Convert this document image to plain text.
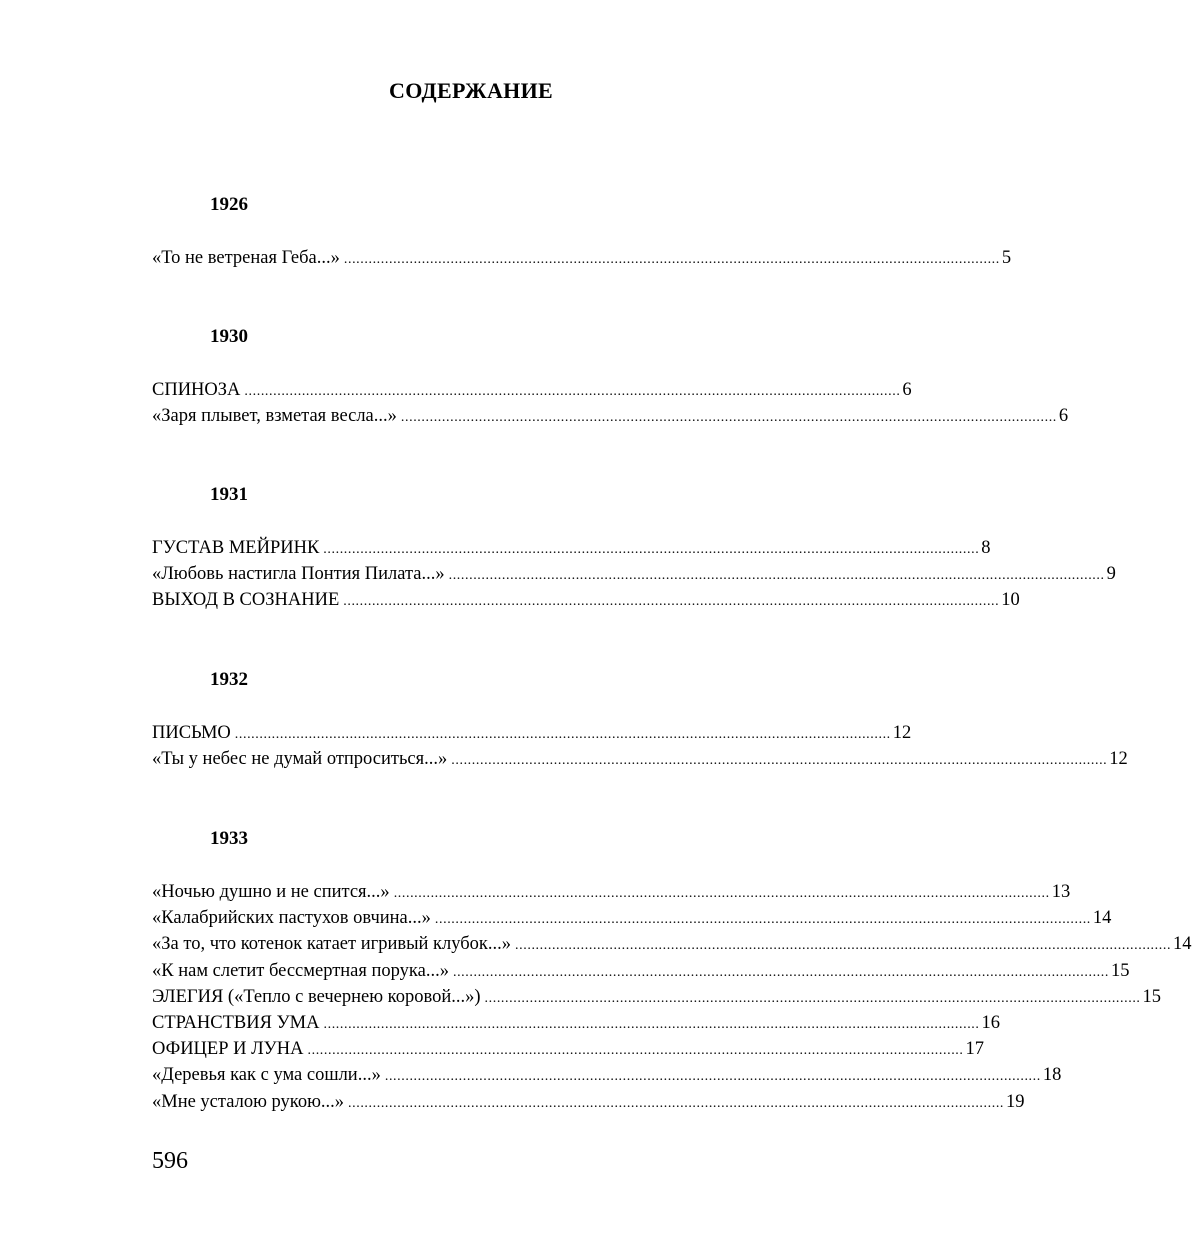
СОДЕРЖАНИЕ
1926
«То не ветреная Геба...» ................................................................................................................................................................ 5
1930
СПИНОЗА ................................................................................................................................................................ 6
«Заря плывет, взметая весла...» ................................................................................................................................................................ 6
1931
ГУСТАВ МЕЙРИНК ................................................................................................................................................................ 8
«Любовь настигла Понтия Пилата...» ................................................................................................................................................................ 9
ВЫХОД В СОЗНАНИЕ ................................................................................................................................................................ 10
1932
ПИСЬМО ................................................................................................................................................................ 12
«Ты у небес не думай отпроситься...» ................................................................................................................................................................ 12
1933
«Ночью душно и не спится...» ................................................................................................................................................................ 13
«Калабрийских пастухов овчина...» ................................................................................................................................................................ 14
«За то, что котенок катает игривый клубок...» ................................................................................................................................................................ 14
«К нам слетит бессмертная порука...» ................................................................................................................................................................ 15
ЭЛЕГИЯ («Тепло с вечернею коровой...») ................................................................................................................................................................ 15
СТРАНСТВИЯ УМА ................................................................................................................................................................ 16
ОФИЦЕР И ЛУНА ................................................................................................................................................................ 17
«Деревья как с ума сошли...» ................................................................................................................................................................ 18
«Мне усталою рукою...» ................................................................................................................................................................ 19
596
